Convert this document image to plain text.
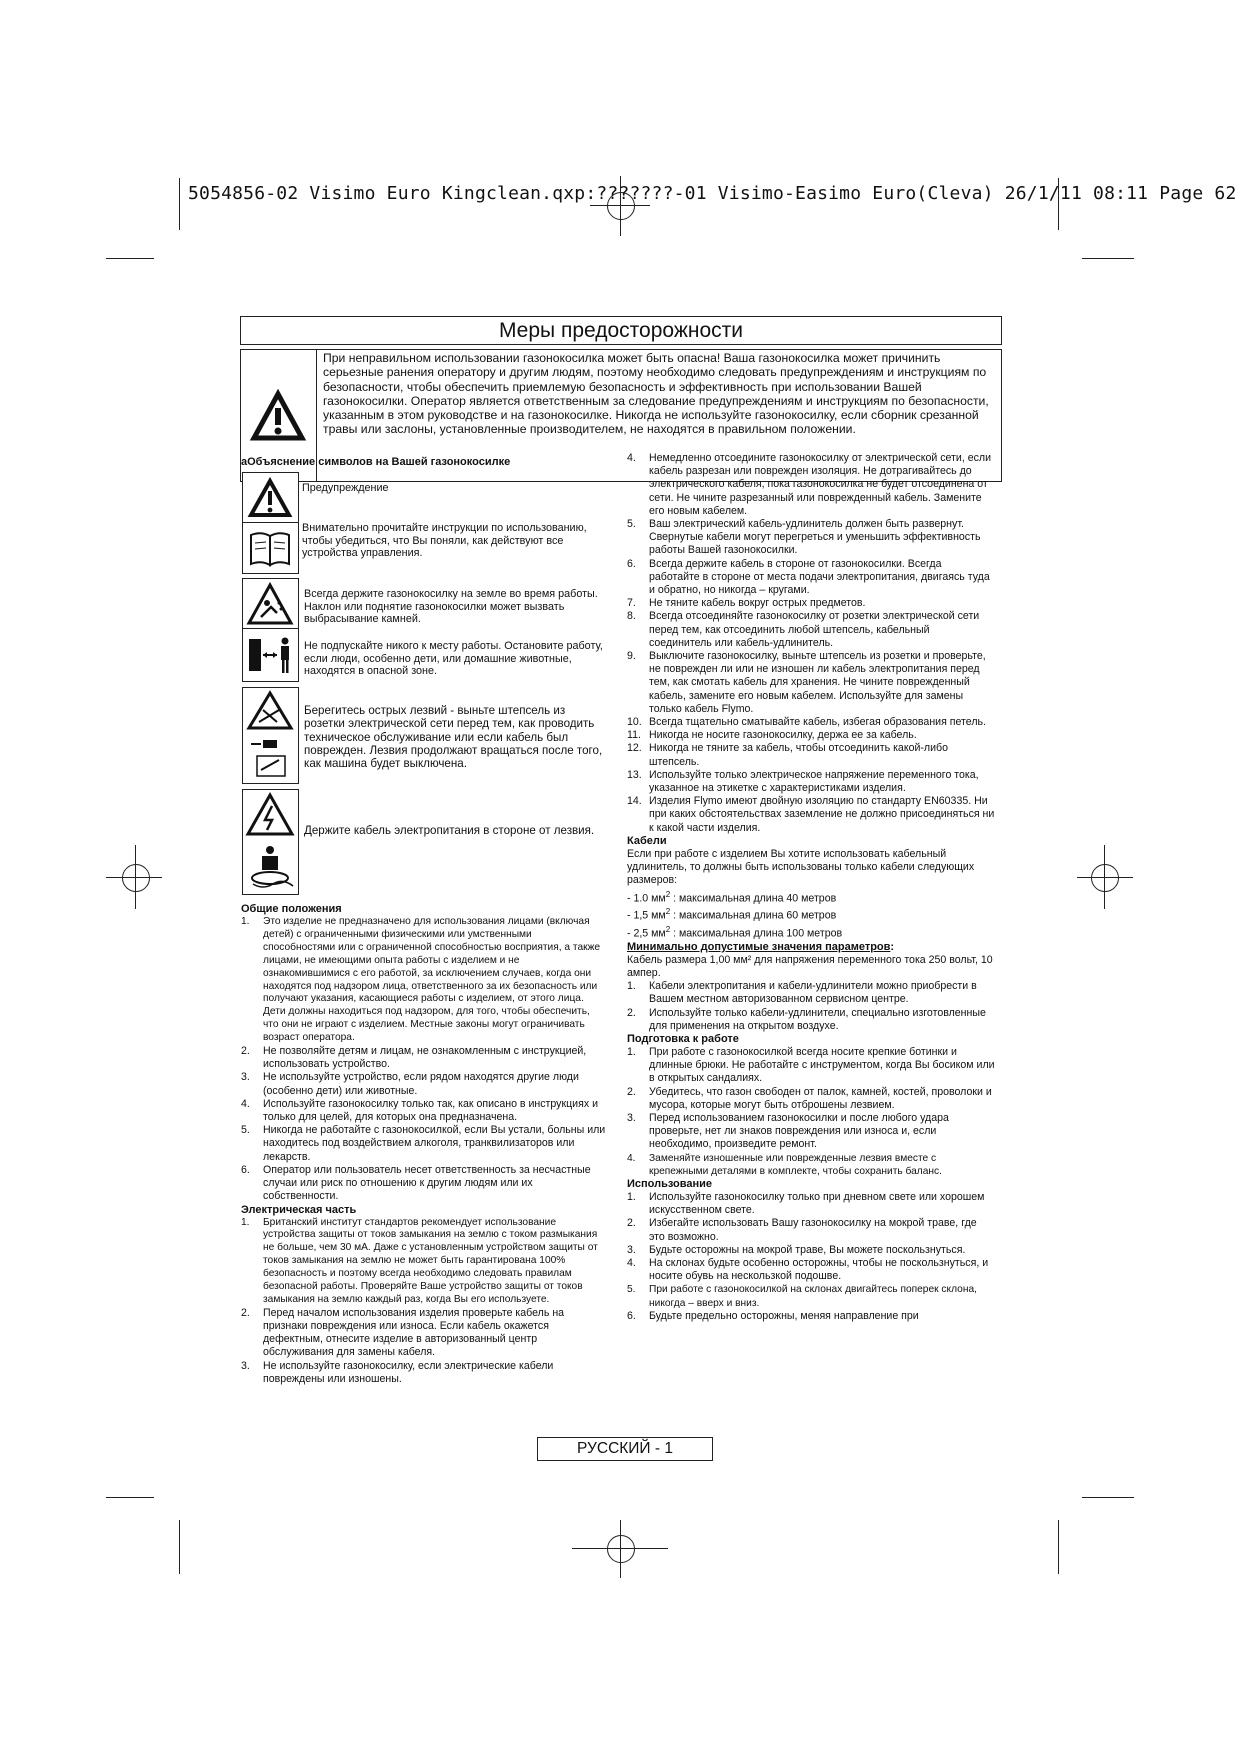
5054856-02 Visimo Euro Kingclean.qxp:???????-01 Visimo-Easimo Euro(Cleva) 26/1/11 08:11 Page 62
Меры предосторожности
При неправильном использовании газонокосилка может быть опасна! Ваша газонокосилка может причинить серьезные ранения оператору и другим людям, поэтому необходимо следовать предупреждениям и инструкциям по безопасности, чтобы обеспечить приемлемую безопасность и эффективность при использовании Вашей газонокосилки. Оператор является ответственным за следование предупреждениям и инструкциям по безопасности, указанным в этом руководстве и на газонокосилке. Никогда не используйте газонокосилку, если сборник срезанной травы или заслоны, установленные производителем, не находятся в правильном положении.
аОбъяснение символов на Вашей газонокосилке
Предупреждение
Внимательно прочитайте инструкции по использованию, чтобы убедиться, что Вы поняли, как действуют все устройства управления.
Всегда держите газонокосилку на земле во время работы. Наклон или поднятие газонокосилки может вызвать выбрасывание камней.
Не подпускайте никого к месту работы. Остановите работу, если люди, особенно дети, или домашние животные, находятся в опасной зоне.
Берегитесь острых лезвий - выньте штепсель из розетки электрической сети перед тем, как проводить техническое обслуживание или если кабель был поврежден. Лезвия продолжают вращаться после того, как машина будет выключена.
Держите кабель электропитания в стороне от лезвия.
Общие положения
1. Это изделие не предназначено для использования лицами (включая детей) с ограниченными физическими или умственными способностями или с ограниченной способностью восприятия, а также лицами, не имеющими опыта работы с изделием и не ознакомившимися с его работой, за исключением случаев, когда они находятся под надзором лица, ответственного за их безопасность или получают указания, касающиеся работы с изделием, от этого лица. Дети должны находиться под надзором, для того, чтобы обеспечить, что они не играют с изделием. Местные законы могут ограничивать возраст оператора.
2. Не позволяйте детям и лицам, не ознакомленным с инструкцией, использовать устройство.
3. Не используйте устройство, если рядом находятся другие люди (особенно дети) или животные.
4. Используйте газонокосилку только так, как описано в инструкциях и только для целей, для которых она предназначена.
5. Никогда не работайте с газонокосилкой, если Вы устали, больны или находитесь под воздействием алкоголя, транквилизаторов или лекарств.
6. Оператор или пользователь несет ответственность за несчастные случаи или риск по отношению к другим людям или их собственности.
Электрическая часть
1. Британский институт стандартов рекомендует использование устройства защиты от токов замыкания на землю с током размыкания не больше, чем 30 мА. Даже с установленным устройством защиты от токов замыкания на землю не может быть гарантирована 100% безопасность и поэтому всегда необходимо следовать правилам безопасной работы. Проверяйте Ваше устройство защиты от токов замыкания на землю каждый раз, когда Вы его используете.
2. Перед началом использования изделия проверьте кабель на признаки повреждения или износа. Если кабель окажется дефектным, отнесите изделие в авторизованный центр обслуживания для замены кабеля.
3. Не используйте газонокосилку, если электрические кабели повреждены или изношены.
4. Немедленно отсоедините газонокосилку от электрической сети, если кабель разрезан или поврежден изоляция. Не дотрагивайтесь до электрического кабеля, пока газонокосилка не будет отсоединена от сети. Не чините разрезанный или поврежденный кабель. Замените его новым кабелем.
5. Ваш электрический кабель-удлинитель должен быть развернут. Свернутые кабели могут перегреться и уменьшить эффективность работы Вашей газонокосилки.
6. Всегда держите кабель в стороне от газонокосилки. Всегда работайте в стороне от места подачи электропитания, двигаясь туда и обратно, но никогда – кругами.
7. Не тяните кабель вокруг острых предметов.
8. Всегда отсоединяйте газонокосилку от розетки электрической сети перед тем, как отсоединить любой штепсель, кабельный соединитель или кабель-удлинитель.
9. Выключите газонокосилку, выньте штепсель из розетки и проверьте, не поврежден ли или не изношен ли кабель электропитания перед тем, как смотать кабель для хранения. Не чините поврежденный кабель, замените его новым кабелем. Используйте для замены только кабель Flymo.
10. Всегда тщательно сматывайте кабель, избегая образования петель.
11. Никогда не носите газонокосилку, держа ее за кабель.
12. Никогда не тяните за кабель, чтобы отсоединить какой-либо штепсель.
13. Используйте только электрическое напряжение переменного тока, указанное на этикетке с характеристиками изделия.
14. Изделия Flymo имеют двойную изоляцию по стандарту EN60335. Ни при каких обстоятельствах заземление не должно присоединяться ни к какой части изделия.
Кабели
Если при работе с изделием Вы хотите использовать кабельный удлинитель, то должны быть использованы только кабели следующих размеров:
- 1.0 $мм^2$ : максимальная длина 40 метров
- 1,5 $мм^2$ : максимальная длина 60 метров
- 2,5 $мм^2$ : максимальная длина 100 метров
Минимально допустимые значения параметров:
Кабель размера 1,00 мм² для напряжения переменного тока 250 вольт, 10 ампер.
1. Кабели электропитания и кабели-удлинители можно приобрести в Вашем местном авторизованном сервисном центре.
2. Используйте только кабели-удлинители, специально изготовленные для применения на открытом воздухе.
Подготовка к работе
1. При работе с газонокосилкой всегда носите крепкие ботинки и длинные брюки. Не работайте с инструментом, когда Вы босиком или в открытых сандалиях.
2. Убедитесь, что газон свободен от палок, камней, костей, проволоки и мусора, которые могут быть отброшены лезвием.
3. Перед использованием газонокосилки и после любого удара проверьте, нет ли знаков повреждения или износа и, если необходимо, произведите ремонт.
4. Заменяйте изношенные или поврежденные лезвия вместе с крепежными деталями в комплекте, чтобы сохранить баланс.
Использование
1. Используйте газонокосилку только при дневном свете или хорошем искусственном свете.
2. Избегайте использовать Вашу газонокосилку на мокрой траве, где это возможно.
3. Будьте осторожны на мокрой траве, Вы можете поскользнуться.
4. На склонах будьте особенно осторожны, чтобы не поскользнуться, и носите обувь на нескользкой подошве.
5. При работе с газонокосилкой на склонах двигайтесь поперек склона, никогда – вверх и вниз.
6. Будьте предельно осторожны, меняя направление при
РУССКИЙ - 1
